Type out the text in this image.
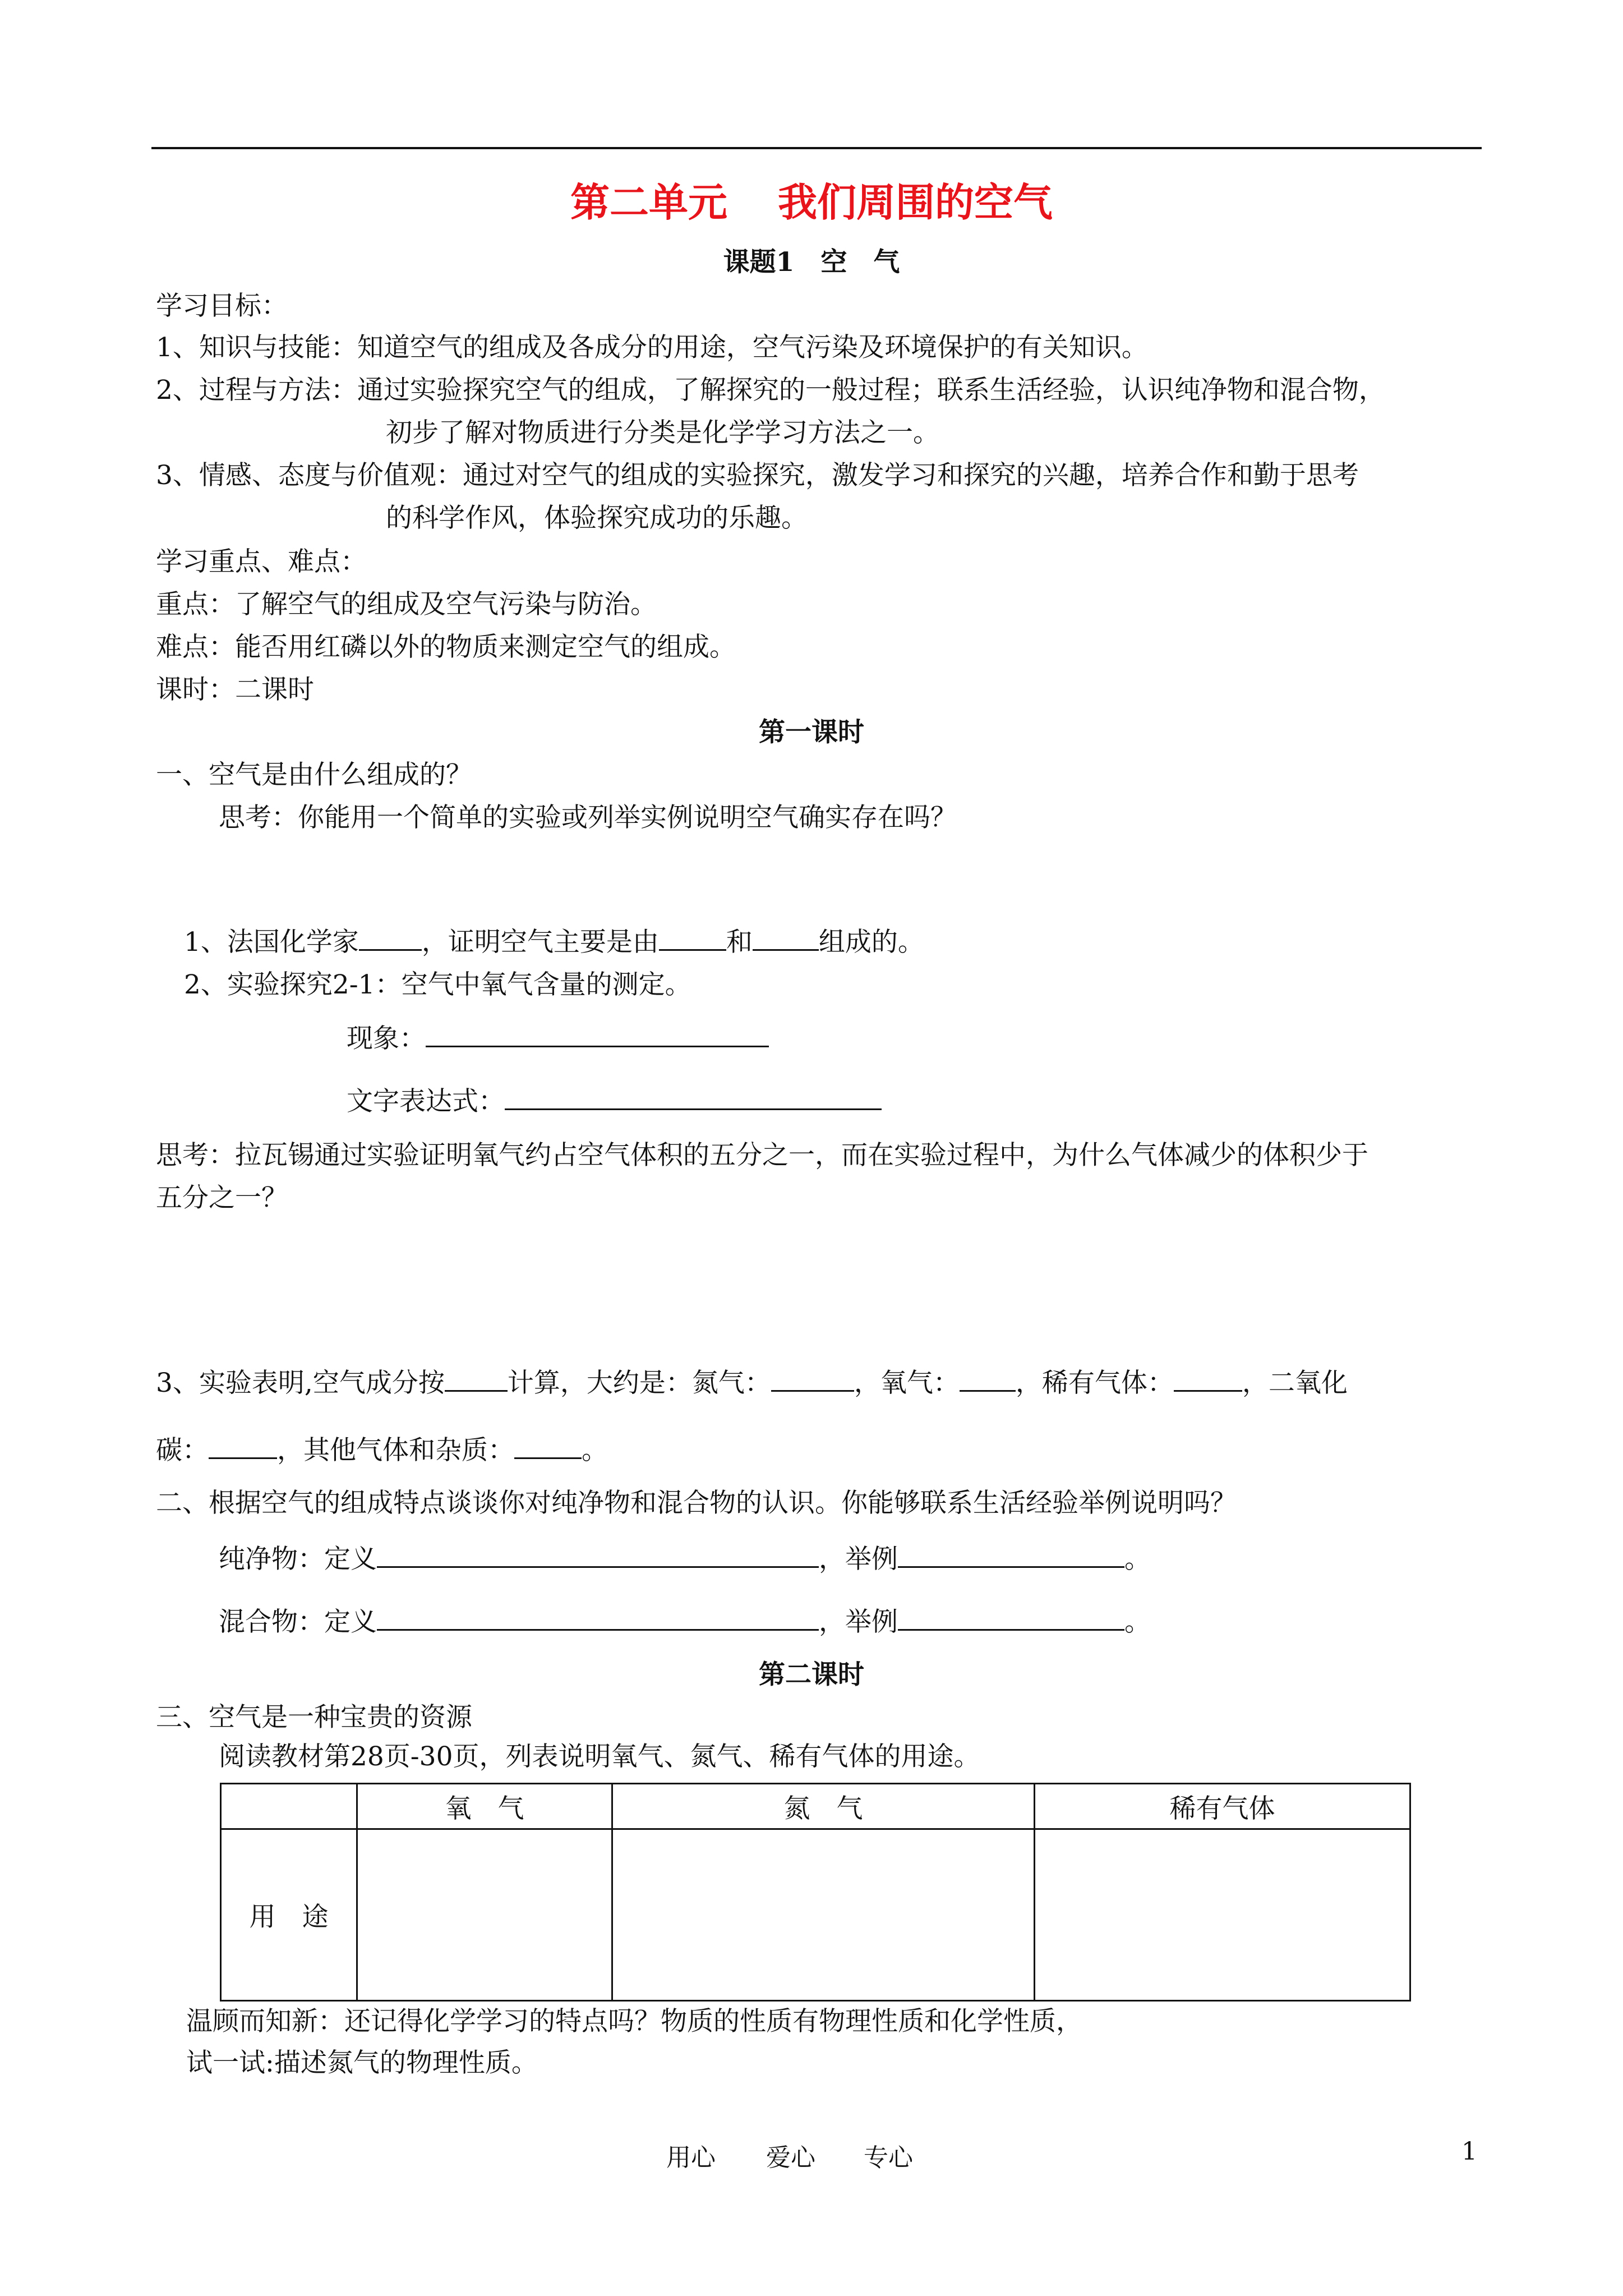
第二单元 我们周围的空气
课题1　空　气
学习目标：
1、知识与技能：知道空气的组成及各成分的用途，空气污染及环境保护的有关知识。
2、过程与方法：通过实验探究空气的组成，了解探究的一般过程；联系生活经验，认识纯净物和混合物，
初步了解对物质进行分类是化学学习方法之一。
3、情感、态度与价值观：通过对空气的组成的实验探究，激发学习和探究的兴趣，培养合作和勤于思考
的科学作风，体验探究成功的乐趣。
学习重点、难点：
重点：了解空气的组成及空气污染与防治。
难点：能否用红磷以外的物质来测定空气的组成。
课时：二课时
第一课时
一、空气是由什么组成的？
思考：你能用一个简单的实验或列举实例说明空气确实存在吗？
1、法国化学家 ，证明空气主要是由	和	组成的。
2、实验探究2-1：空气中氧气含量的测定。
现象：
文字表达式：
思考：拉瓦锡通过实验证明氧气约占空气体积的五分之一，而在实验过程中，为什么气体减少的体积少于
五分之一？
3、实验表明,空气成分按 计算，大约是：氮气：	，氧气： ，稀有气体：	，二氧化
碳：	，其他气体和杂质：	。
二、根据空气的组成特点谈谈你对纯净物和混合物的认识。你能够联系生活经验举例说明吗？
纯净物：定义	，举例	。
混合物：定义	，举例	。
第二课时
三、空气是一种宝贵的资源
阅读教材第28页-30页，列表说明氧气、氮气、稀有气体的用途。
	氧　气	氮　气	稀有气体
用　途			
温顾而知新：还记得化学学习的特点吗？物质的性质有物理性质和化学性质，
试一试:描述氮气的物理性质。
用心 爱心 专心	1
